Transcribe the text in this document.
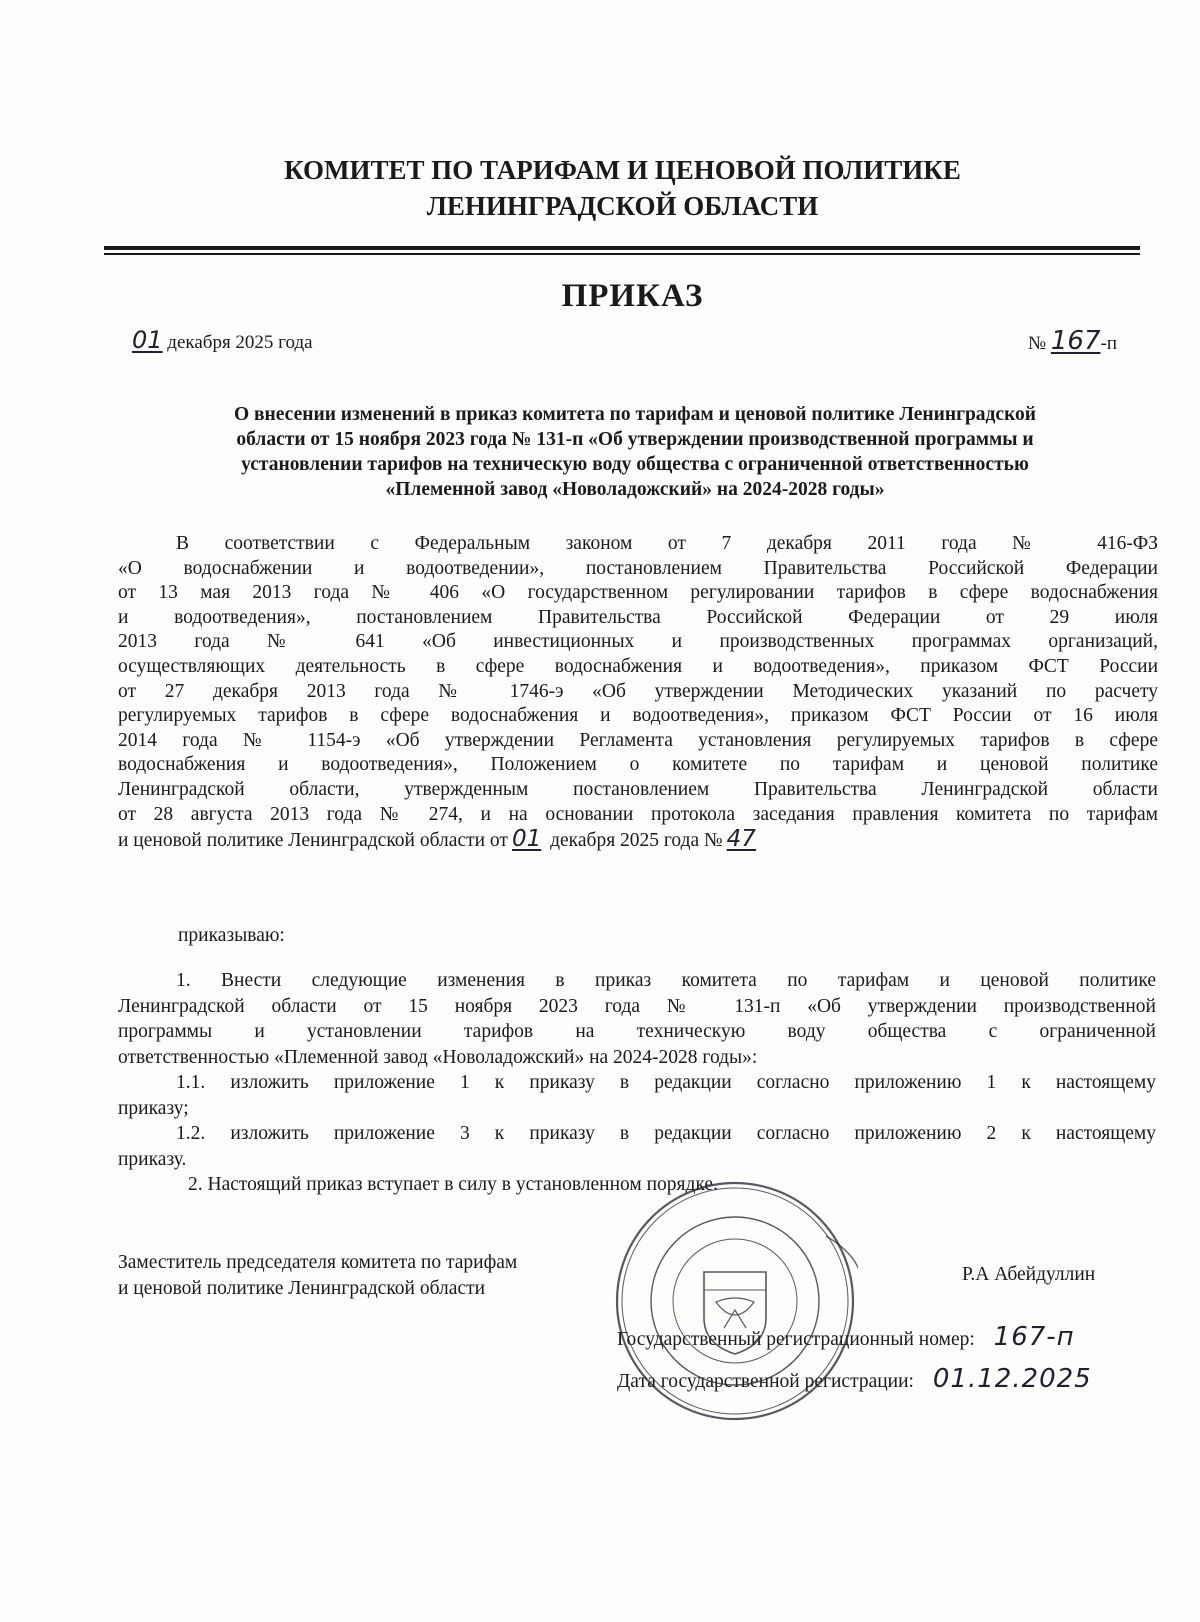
КОМИТЕТ ПО ТАРИФАМ И ЦЕНОВОЙ ПОЛИТИКЕ
ЛЕНИНГРАДСКОЙ ОБЛАСТИ
ПРИКАЗ
01 декабря 2025 года	№ 167-п
О внесении изменений в приказ комитета по тарифам и ценовой политике Ленинградской
области от 15 ноября 2023 года № 131-п «Об утверждении производственной программы и
установлении тарифов на техническую воду общества с ограниченной ответственностью
«Племенной завод «Новоладожский» на 2024-2028 годы»
В соответствии с Федеральным законом от 7 декабря 2011 года № 416-ФЗ
«О водоснабжении и водоотведении», постановлением Правительства Российской Федерации
от 13 мая 2013 года № 406 «О государственном регулировании тарифов в сфере водоснабжения
и водоотведения», постановлением Правительства Российской Федерации от 29 июля
2013 года № 641 «Об инвестиционных и производственных программах организаций,
осуществляющих деятельность в сфере водоснабжения и водоотведения», приказом ФСТ России
от 27 декабря 2013 года № 1746-э «Об утверждении Методических указаний по расчету
регулируемых тарифов в сфере водоснабжения и водоотведения», приказом ФСТ России от 16 июля
2014 года № 1154-э «Об утверждении Регламента установления регулируемых тарифов в сфере
водоснабжения и водоотведения», Положением о комитете по тарифам и ценовой политике
Ленинградской области, утвержденным постановлением Правительства Ленинградской области
от 28 августа 2013 года № 274, и на основании протокола заседания правления комитета по тарифам
и ценовой политике Ленинградской области от 01 декабря 2025 года № 47
приказываю:
1. Внести следующие изменения в приказ комитета по тарифам и ценовой политике
Ленинградской области от 15 ноября 2023 года № 131-п «Об утверждении производственной
программы и установлении тарифов на техническую воду общества с ограниченной
ответственностью «Племенной завод «Новоладожский» на 2024-2028 годы»:
1.1. изложить приложение 1 к приказу в редакции согласно приложению 1 к настоящему
приказу;
1.2. изложить приложение 3 к приказу в редакции согласно приложению 2 к настоящему
приказу.
2. Настоящий приказ вступает в силу в установленном порядке.
Заместитель председателя комитета по тарифам
и ценовой политике Ленинградской области
Р.А Абейдуллин
Государственный регистрационный номер: 167-п
Дата государственной регистрации: 01.12.2025
